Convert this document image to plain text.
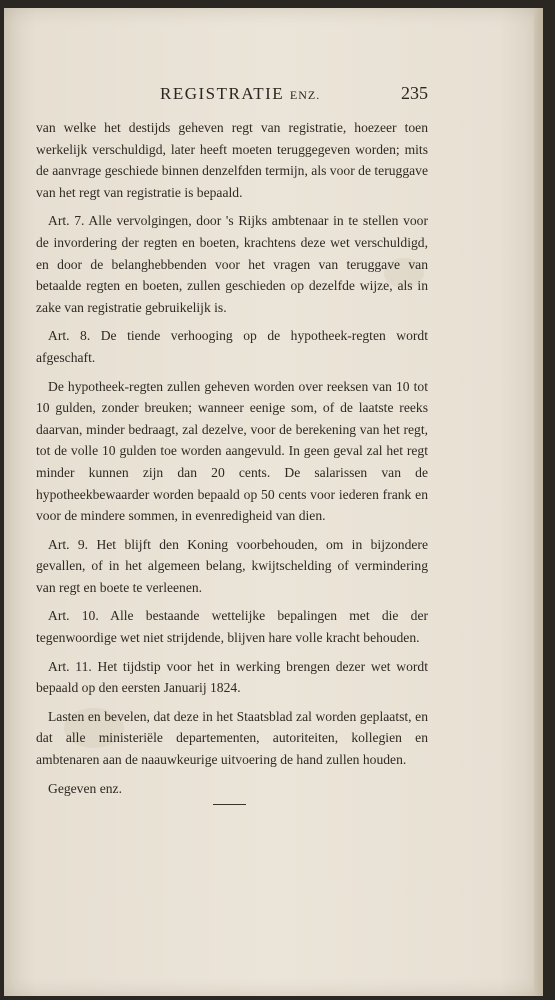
REGISTRATIE ENZ.	235

van welke het destijds geheven regt van registratie, hoezeer toen werkelijk verschuldigd, later heeft moeten teruggegeven worden; mits de aanvrage geschiede binnen denzelfden termijn, als voor de teruggave van het regt van registratie is bepaald.

Art. 7. Alle vervolgingen, door 's Rijks ambtenaar in te stellen voor de invordering der regten en boeten, krachtens deze wet verschuldigd, en door de belanghebbenden voor het vragen van teruggave van betaalde regten en boeten, zullen geschieden op dezelfde wijze, als in zake van registratie gebruikelijk is.

Art. 8. De tiende verhooging op de hypotheek-regten wordt afgeschaft.

De hypotheek-regten zullen geheven worden over reeksen van 10 tot 10 gulden, zonder breuken; wanneer eenige som, of de laatste reeks daarvan, minder bedraagt, zal dezelve, voor de berekening van het regt, tot de volle 10 gulden toe worden aangevuld. In geen geval zal het regt minder kunnen zijn dan 20 cents. De salarissen van de hypotheekbewaarder worden bepaald op 50 cents voor iederen frank en voor de mindere sommen, in evenredigheid van dien.

Art. 9. Het blijft den Koning voorbehouden, om in bijzondere gevallen, of in het algemeen belang, kwijtschelding of vermindering van regt en boete te verleenen.

Art. 10. Alle bestaande wettelijke bepalingen met die der tegenwoordige wet niet strijdende, blijven hare volle kracht behouden.

Art. 11. Het tijdstip voor het in werking brengen dezer wet wordt bepaald op den eersten Januarij 1824.

Lasten en bevelen, dat deze in het Staatsblad zal worden geplaatst, en dat alle ministeriële departementen, autoriteiten, kollegien en ambtenaren aan de naauwkeurige uitvoering de hand zullen houden.

Gegeven enz.
